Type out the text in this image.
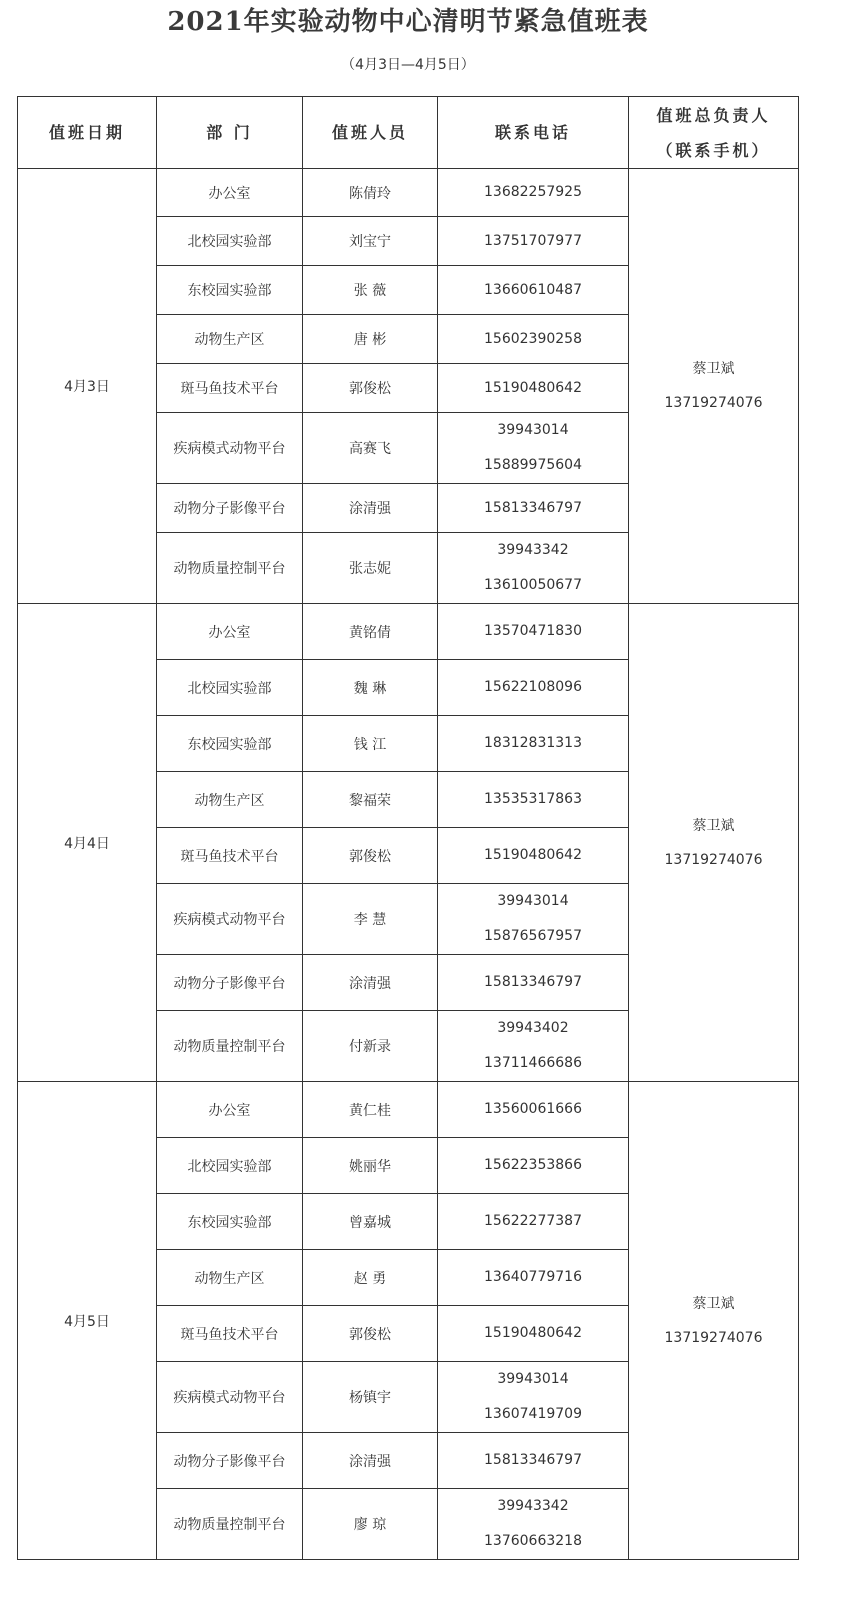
2021年实验动物中心清明节紧急值班表
（4月3日—4月5日）
值班日期	部 门	值班人员	联系电话	值班总负责人
（联系手机）

4月3日	办公室	陈倩玲	13682257925	蔡卫斌
13719274076

	北校园实验部	刘宝宁	13751707977	

	东校园实验部	张 薇	13660610487	

	动物生产区	唐 彬	15602390258	

	斑马鱼技术平台	郭俊松	15190480642	

	疾病模式动物平台	高赛飞	39943014
15889975604	

	动物分子影像平台	涂清强	15813346797	

	动物质量控制平台	张志妮	39943342
13610050677	

4月4日	办公室	黄铭倩	13570471830	蔡卫斌
13719274076

	北校园实验部	魏 琳	15622108096	

	东校园实验部	钱 江	18312831313	

	动物生产区	黎福荣	13535317863	

	斑马鱼技术平台	郭俊松	15190480642	

	疾病模式动物平台	李 慧	39943014
15876567957	

	动物分子影像平台	涂清强	15813346797	

	动物质量控制平台	付新录	39943402
13711466686	

4月5日	办公室	黄仁桂	13560061666	蔡卫斌
13719274076

	北校园实验部	姚丽华	15622353866	

	东校园实验部	曾嘉城	15622277387	

	动物生产区	赵 勇	13640779716	

	斑马鱼技术平台	郭俊松	15190480642	

	疾病模式动物平台	杨镇宇	39943014
13607419709	

	动物分子影像平台	涂清强	15813346797	

	动物质量控制平台	廖 琼	39943342
13760663218	
